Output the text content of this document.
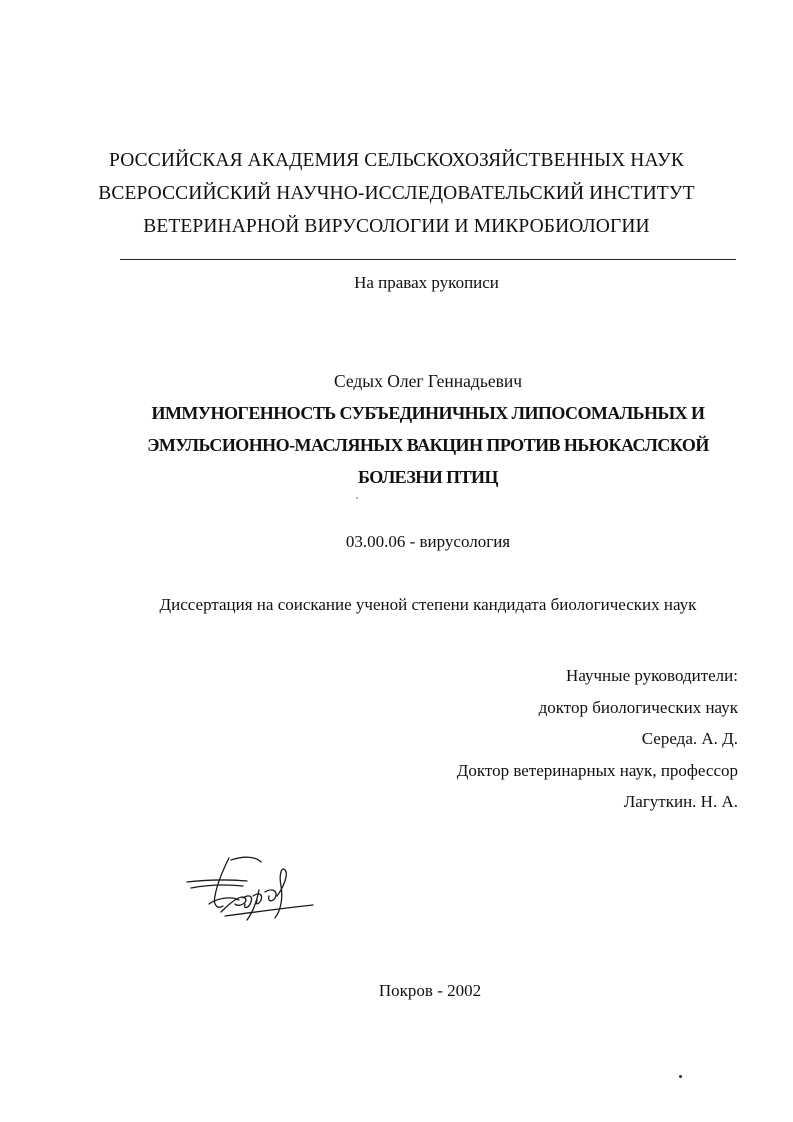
РОССИЙСКАЯ АКАДЕМИЯ СЕЛЬСКОХОЗЯЙСТВЕННЫХ НАУК
ВСЕРОССИЙСКИЙ НАУЧНО-ИССЛЕДОВАТЕЛЬСКИЙ ИНСТИТУТ
ВЕТЕРИНАРНОЙ ВИРУСОЛОГИИ И МИКРОБИОЛОГИИ
На правах рукописи
Седых Олег Геннадьевич
ИММУНОГЕННОСТЬ СУБЪЕДИНИЧНЫХ ЛИПОСОМАЛЬНЫХ И
ЭМУЛЬСИОННО-МАСЛЯНЫХ ВАКЦИН ПРОТИВ НЬЮКАСЛСКОЙ
БОЛЕЗНИ ПТИЦ
03.00.06 - вирусология
Диссертация на соискание ученой степени кандидата биологических наук
Научные руководители:
доктор биологических наук
Середа. А. Д.
Доктор ветеринарных наук, профессор
Лагуткин. Н. А.
Покров - 2002
